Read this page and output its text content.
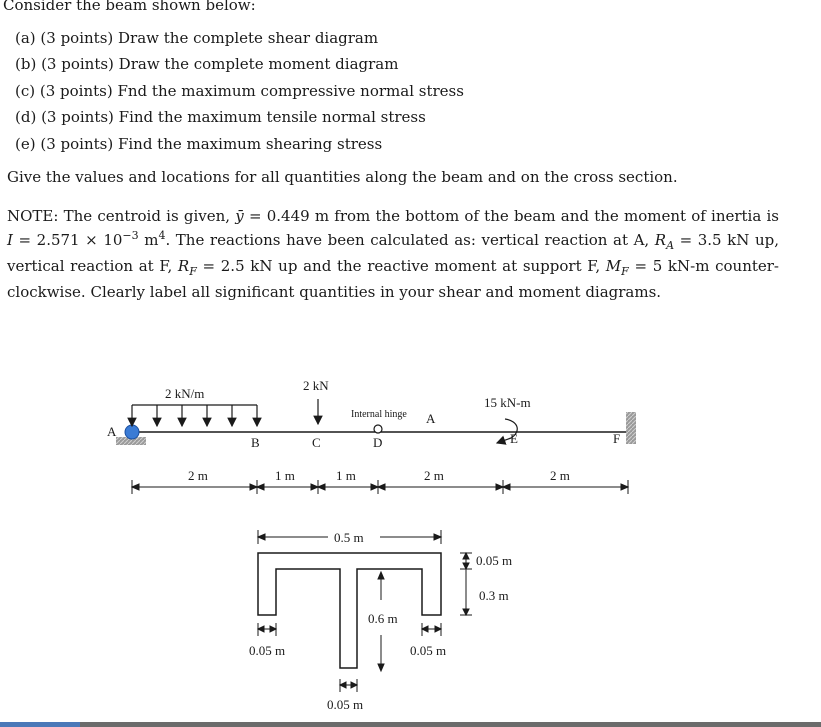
Consider the beam shown below:
(a) (3 points) Draw the complete shear diagram
(b) (3 points) Draw the complete moment diagram
(c) (3 points) Fnd the maximum compressive normal stress
(d) (3 points) Find the maximum tensile normal stress
(e) (3 points) Find the maximum shearing stress
Give the values and locations for all quantities along the beam and on the cross section.
NOTE: The centroid is given, ȳ = 0.449 m from the bottom of the beam and the moment of inertia is $I = 2.571 \times 10^{-3}$ $m^4$. The reactions have been calculated as: vertical reaction at A, $R_A = 3.5$ kN up, vertical reaction at F, $R_F = 2.5$ kN up and the reactive moment at support F, $M_F = 5$ kN-m counter-clockwise. Clearly label all significant quantities in your shear and moment diagrams.
A	F
2 kN/m
2 kN
Internal hinge
B	C	D
A
15 kN-m
E
2 m	1 m	1 m	2 m	2 m
0.5 m
0.05 m
0.3 m
0.6 m
0.05 m	0.05 m
0.05 m
